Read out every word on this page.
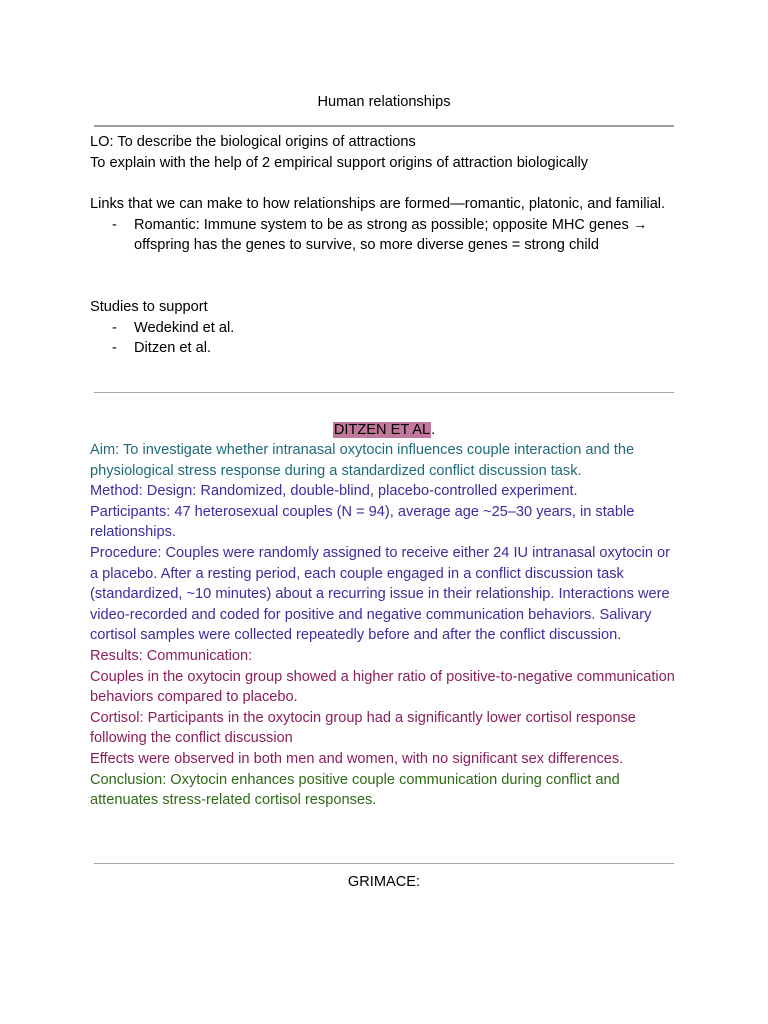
Human relationships

LO: To describe the biological origins of attractions

To explain with the help of 2 empirical support origins of attraction biologically

Links that we can make to how relationships are formed—romantic, platonic, and familial.

-	Romantic: Immune system to be as strong as possible; opposite MHC genes → offspring has the genes to survive, so more diverse genes = strong child

Studies to support

-	Wedekind et al.
-	Ditzen et al.
DITZEN ET AL.

Aim: To investigate whether intranasal oxytocin influences couple interaction and the physiological stress response during a standardized conflict discussion task.

Method: Design: Randomized, double-blind, placebo-controlled experiment.

Participants: 47 heterosexual couples (N = 94), average age ~25–30 years, in stable relationships.

Procedure: Couples were randomly assigned to receive either 24 IU intranasal oxytocin or a placebo. After a resting period, each couple engaged in a conflict discussion task (standardized, ~10 minutes) about a recurring issue in their relationship. Interactions were video-recorded and coded for positive and negative communication behaviors. Salivary cortisol samples were collected repeatedly before and after the conflict discussion.

Results: Communication:

Couples in the oxytocin group showed a higher ratio of positive-to-negative communication behaviors compared to placebo.

Cortisol: Participants in the oxytocin group had a significantly lower cortisol response following the conflict discussion

Effects were observed in both men and women, with no significant sex differences.

Conclusion: Oxytocin enhances positive couple communication during conflict and attenuates stress-related cortisol responses.

GRIMACE:
